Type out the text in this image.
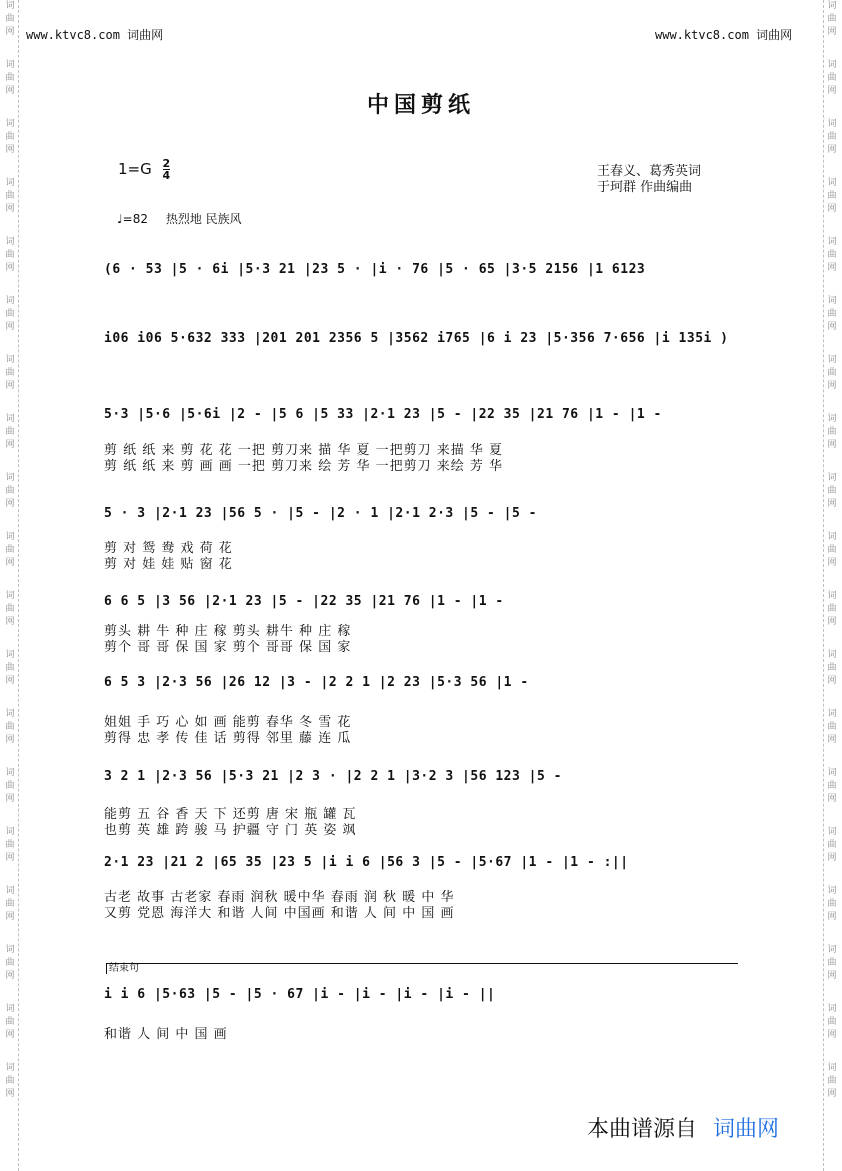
词
曲
网
词
曲
网
词
曲
网
词
曲
网
词
曲
网
词
曲
网
词
曲
网
词
曲
网
词
曲
网
词
曲
网
词
曲
网
词
曲
网
词
曲
网
词
曲
网
词
曲
网
词
曲
网
词
曲
网
词
曲
网
词
曲
网
词
曲
网
词
曲
网
词
曲
网
词
曲
网
词
曲
网
词
曲
网
词
曲
网
词
曲
网
词
曲
网
词
曲
网
词
曲
网
词
曲
网
词
曲
网
词
曲
网
词
曲
网
词
曲
网
词
曲
网
词
曲
网
词
曲
网
www.ktvc8.com 词曲网	www.ktvc8.com 词曲网
中国剪纸
$1=G \frac{2}{4}$	王春义、葛秀英词
于珂群 作曲编曲
♩=82 热烈地 民族风
(6 · 53 |5 · 6i |5·3 21 |23 5 · |i · 76 |5 · 65 |3·5 2156 |1 6123
i06 i06 5·632 333 |201 201 2356 5 |3562 i765 |6 i 23 |5·356 7·656 |i 135i )
5·3 |5·6 |5·6i |2 - |5 6 |5 33 |2·1 23 |5 - |22 35 |21 76 |1 - |1 -
剪 纸 纸 来 剪 花 花 一把 剪刀来 描 华 夏 一把剪刀 来描 华 夏
剪 纸 纸 来 剪 画 画 一把 剪刀来 绘 芳 华 一把剪刀 来绘 芳 华
5 · 3 |2·1 23 |56 5 · |5 - |2 · 1 |2·1 2·3 |5 - |5 -
剪 对 鸳 鸯 戏 荷 花
剪 对 娃 娃 贴 窗 花
6 6 5 |3 56 |2·1 23 |5 - |22 35 |21 76 |1 - |1 -
剪头 耕 牛 种 庄 稼 剪头 耕牛 种 庄 稼
剪个 哥 哥 保 国 家 剪个 哥哥 保 国 家
6 5 3 |2·3 56 |26 12 |3 - |2 2 1 |2 23 |5·3 56 |1 -
姐姐 手 巧 心 如 画 能剪 春华 冬 雪 花
剪得 忠 孝 传 佳 话 剪得 邻里 藤 连 瓜
3 2 1 |2·3 56 |5·3 21 |2 3 · |2 2 1 |3·2 3 |56 123 |5 -
能剪 五 谷 香 天 下 还剪 唐 宋 瓶 罐 瓦
也剪 英 雄 跨 骏 马 护疆 守 门 英 姿 飒
2·1 23 |21 2 |65 35 |23 5 |i i 6 |56 3 |5 - |5·67 |1 - |1 - :||
古老 故事 古老家 春雨 润秋 暖中华 春雨 润 秋 暖 中 华
又剪 党恩 海洋大 和谐 人间 中国画 和谐 人 间 中 国 画
结束句
i i 6 |5·63 |5 - |5 · 67 |i - |i - |i - |i - ||
和谐 人 间 中 国 画
本曲谱源自 词曲网
